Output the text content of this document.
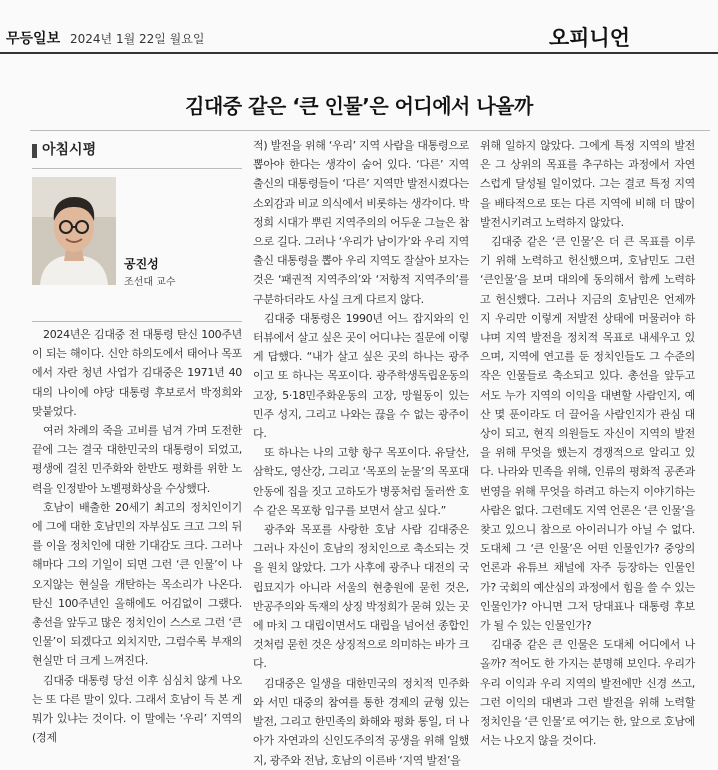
무등일보 2024년 1월 22일 월요일	오피니언
김대중 같은 ‘큰 인물’은 어디에서 나올까
아침시평
공진성
조선대 교수

2024년은 김대중 전 대통령 탄신 100주년이 되는 해이다. 신안 하의도에서 태어나 목포에서 자란 청년 사업가 김대중은 1971년 40대의 나이에 야당 대통령 후보로서 박정희와 맞붙었다.

여러 차례의 죽을 고비를 넘겨 가며 도전한 끝에 그는 결국 대한민국의 대통령이 되었고, 평생에 걸친 민주화와 한반도 평화를 위한 노력을 인정받아 노벨평화상을 수상했다.

호남이 배출한 20세기 최고의 정치인이기에 그에 대한 호남민의 자부심도 크고 그의 뒤를 이을 정치인에 대한 기대감도 크다. 그러나 해마다 그의 기일이 되면 그런 ‘큰 인물’이 나오지않는 현실을 개탄하는 목소리가 나온다. 탄신 100주년인 올해에도 어김없이 그랬다. 총선을 앞두고 많은 정치인이 스스로 그런 ‘큰 인물’이 되겠다고 외치지만, 그럼수록 부재의 현실만 더 크게 느껴진다.

김대중 대통령 당선 이후 심심치 않게 나오는 또 다른 말이 있다. 그래서 호남이 득 본 게 뭐가 있냐는 것이다. 이 말에는 ‘우리’ 지역의 (경제

적) 발전을 위해 ‘우리’ 지역 사람을 대통령으로 뽑아야 한다는 생각이 숨어 있다. ‘다른’ 지역 출신의 대통령들이 ‘다른’ 지역만 발전시켰다는 소외감과 비교 의식에서 비롯하는 생각이다. 박정희 시대가 뿌린 지역주의의 어두운 그늘은 참으로 길다. 그러나 ‘우리가 남이가’와 우리 지역 출신 대통령을 뽑아 우리 지역도 잘살아 보자는 것은 ‘패권적 지역주의’와 ‘저항적 지역주의’를 구분하더라도 사실 크게 다르지 않다.

김대중 대통령은 1990년 어느 잡지와의 인터뷰에서 살고 싶은 곳이 어디냐는 질문에 이렇게 답했다. “내가 살고 싶은 곳의 하나는 광주이고 또 하나는 목포이다. 광주학생독립운동의 고장, 5·18민주화운동의 고장, 망월동이 있는 민주 성지, 그리고 나와는 끊을 수 없는 광주이다.

또 하나는 나의 고향 항구 목포이다. 유달산, 삼학도, 영산강, 그리고 ‘목포의 눈물’의 목포대안동에 집을 짓고 고하도가 병풍처럼 둘러싼 호수 같은 목포항 입구를 보면서 살고 싶다.”

광주와 목포를 사랑한 호남 사람 김대중은 그러나 자신이 호남의 정치인으로 축소되는 것을 원치 않았다. 그가 사후에 광주나 대전의 국립묘지가 아니라 서울의 현충원에 묻힌 것은, 반공주의와 독재의 상징 박정희가 묻혀 있는 곳에 마치 그 대립이면서도 대립을 넘어선 종합인 것처럼 묻힌 것은 상징적으로 의미하는 바가 크다.

김대중은 일생을 대한민국의 정치적 민주화와 서민 대중의 참여를 통한 경제의 균형 있는 발전, 그리고 한민족의 화해와 평화 통일, 더 나아가 자연과의 신인도주의적 공생을 위해 일했지, 광주와 전남, 호남의 이른바 ‘지역 발전’을

위해 일하지 않았다. 그에게 특정 지역의 발전은 그 상위의 목표를 추구하는 과정에서 자연스럽게 달성될 일이었다. 그는 결코 특정 지역을 배타적으로 또는 다른 지역에 비해 더 많이 발전시키려고 노력하지 않았다.

김대중 같은 ‘큰 인물’은 더 큰 목표를 이루기 위해 노력하고 헌신했으며, 호남민도 그런 ‘큰인물’을 보며 대의에 동의해서 함께 노력하고 헌신했다. 그러나 지금의 호남민은 언제까지 우리만 이렇게 저발전 상태에 머물러야 하냐며 지역 발전을 정치적 목표로 내세우고 있으며, 지역에 연고를 둔 정치인들도 그 수준의 작은 인물들로 축소되고 있다. 총선을 앞두고서도 누가 지역의 이익을 대변할 사람인지, 예산 몇 푼이라도 더 끌어올 사람인지가 관심 대상이 되고, 현직 의원들도 자신이 지역의 발전을 위해 무엇을 했는지 경쟁적으로 알리고 있다. 나라와 민족을 위해, 인류의 평화적 공존과 번영을 위해 무엇을 하려고 하는지 이야기하는 사람은 없다. 그런데도 지역 언론은 ‘큰 인물’을 찾고 있으니 참으로 아이러니가 아닐 수 없다. 도대체 그 ‘큰 인물’은 어떤 인물인가? 중앙의 언론과 유튜브 채널에 자주 등장하는 인물인가? 국회의 예산심의 과정에서 힘을 쓸 수 있는 인물인가? 아니면 그저 당대표나 대통령 후보가 될 수 있는 인물인가?

김대중 같은 큰 인물은 도대체 어디에서 나올까? 적어도 한 가지는 분명해 보인다. 우리가 우리 이익과 우리 지역의 발전에만 신경 쓰고, 그런 이익의 대변과 그런 발전을 위해 노력할 정치인을 ‘큰 인물’로 여기는 한, 앞으로 호남에서는 나오지 않을 것이다.
